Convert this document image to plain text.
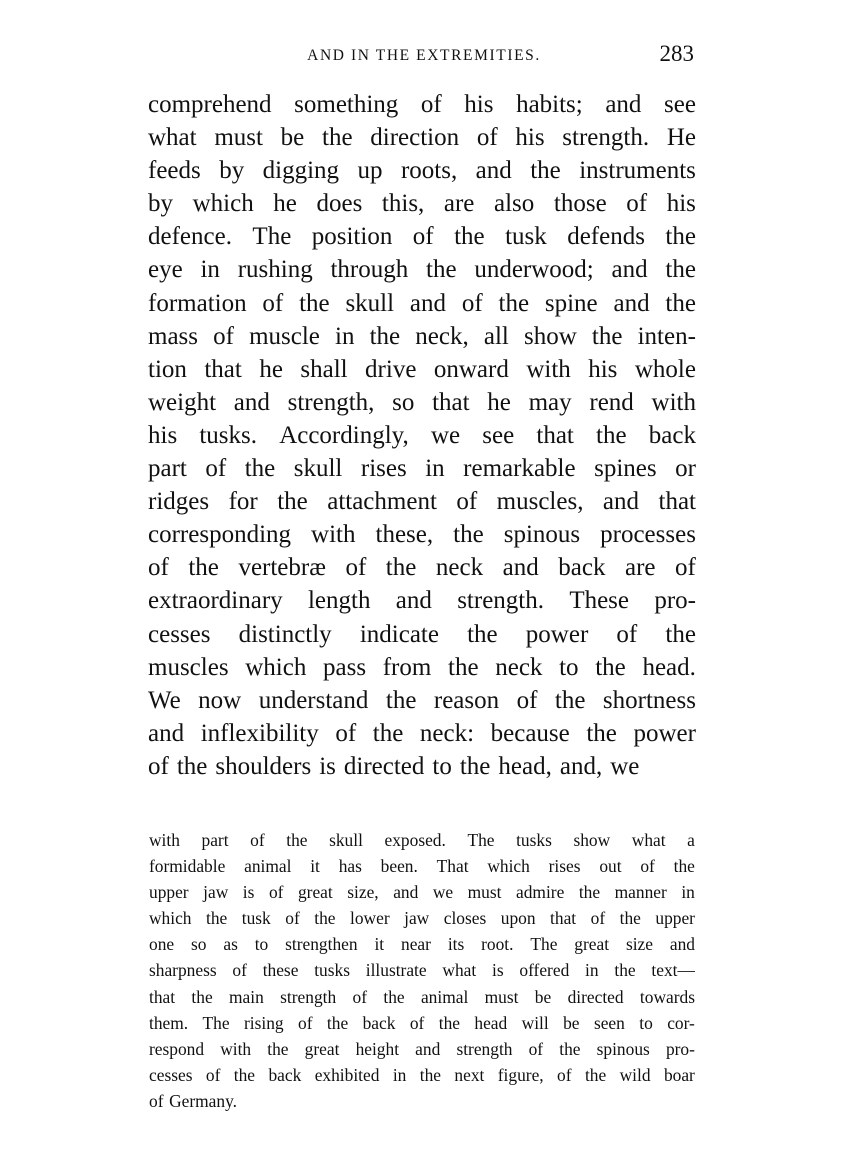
AND IN THE EXTREMITIES.	283
comprehend something of his habits; and see
what must be the direction of his strength. He
feeds by digging up roots, and the instruments
by which he does this, are also those of his
defence. The position of the tusk defends the
eye in rushing through the underwood; and the
formation of the skull and of the spine and the
mass of muscle in the neck, all show the inten-
tion that he shall drive onward with his whole
weight and strength, so that he may rend with
his tusks. Accordingly, we see that the back
part of the skull rises in remarkable spines or
ridges for the attachment of muscles, and that
corresponding with these, the spinous processes
of the vertebræ of the neck and back are of
extraordinary length and strength. These pro-
cesses distinctly indicate the power of the
muscles which pass from the neck to the head.
We now understand the reason of the shortness
and inflexibility of the neck: because the power
of the shoulders is directed to the head, and, we
with part of the skull exposed. The tusks show what a
formidable animal it has been. That which rises out of the
upper jaw is of great size, and we must admire the manner in
which the tusk of the lower jaw closes upon that of the upper
one so as to strengthen it near its root. The great size and
sharpness of these tusks illustrate what is offered in the text—
that the main strength of the animal must be directed towards
them. The rising of the back of the head will be seen to cor-
respond with the great height and strength of the spinous pro-
cesses of the back exhibited in the next figure, of the wild boar
of Germany.
